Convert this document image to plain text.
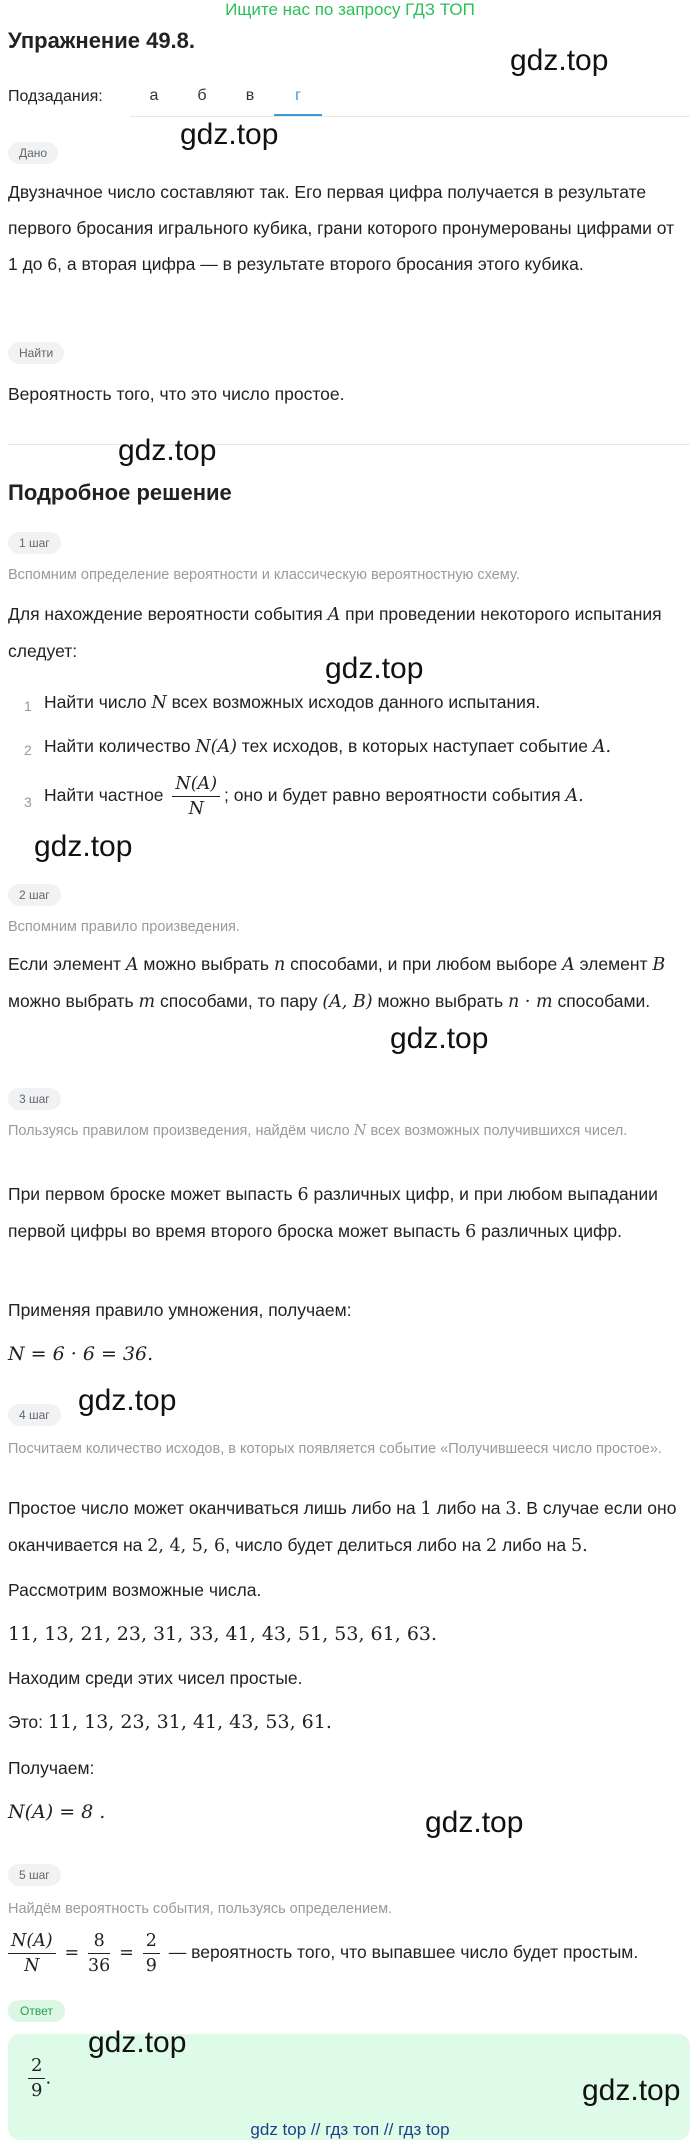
Ищите нас по запросу ГДЗ ТОП
Упражнение 49.8.
gdz.top
Подзадания:	а	б	в	г
Дано
gdz.top
Двузначное число составляют так. Его первая цифра получается в результате первого бросания игрального кубика, грани которого пронумерованы цифрами от 1 до 6, а вторая цифра — в результате второго бросания этого кубика.
Найти
Вероятность того, что это число простое.
gdz.top
Подробное решение
1 шаг
Вспомним определение вероятности и классическую вероятностную схему.
Для нахождение вероятности события A при проведении некоторого испытания следует:
gdz.top
1 Найти число N всех возможных исходов данного испытания.
2 Найти количество N(A) тех исходов, в которых наступает событие A.
3 Найти частное $\frac{N(A)}{N}$ ; оно и будет равно вероятности события A.
gdz.top
2 шаг
Вспомним правило произведения.
Если элемент A можно выбрать n способами, и при любом выборе A элемент B можно выбрать m способами, то пару (A, B) можно выбрать n · m способами.
gdz.top
3 шаг
Пользуясь правилом произведения, найдём число N всех возможных получившихся чисел.
При первом броске может выпасть 6 различных цифр, и при любом выпадании первой цифры во время второго броска может выпасть 6 различных цифр.
Применяя правило умножения, получаем:
N = 6 · 6 = 36.
4 шаг gdz.top
Посчитаем количество исходов, в которых появляется событие «Получившееся число простое».
Простое число может оканчиваться лишь либо на 1 либо на 3. В случае если оно оканчивается на 2, 4, 5, 6, число будет делиться либо на 2 либо на 5.
Рассмотрим возможные числа.
11, 13, 21, 23, 31, 33, 41, 43, 51, 53, 61, 63.
Находим среди этих чисел простые.
Это: 11, 13, 23, 31, 41, 43, 53, 61.
Получаем:
N(A) = 8 .	gdz.top
5 шаг
Найдём вероятность события, пользуясь определением.
$\frac{N(A)}{N} = \frac{8}{36} = \frac{2}{9}$ — вероятность того, что выпавшее число будет простым.
Ответ
$\frac{2}{9}$ .
gdz.top
gdz.top
gdz top // гдз топ // гдз top
